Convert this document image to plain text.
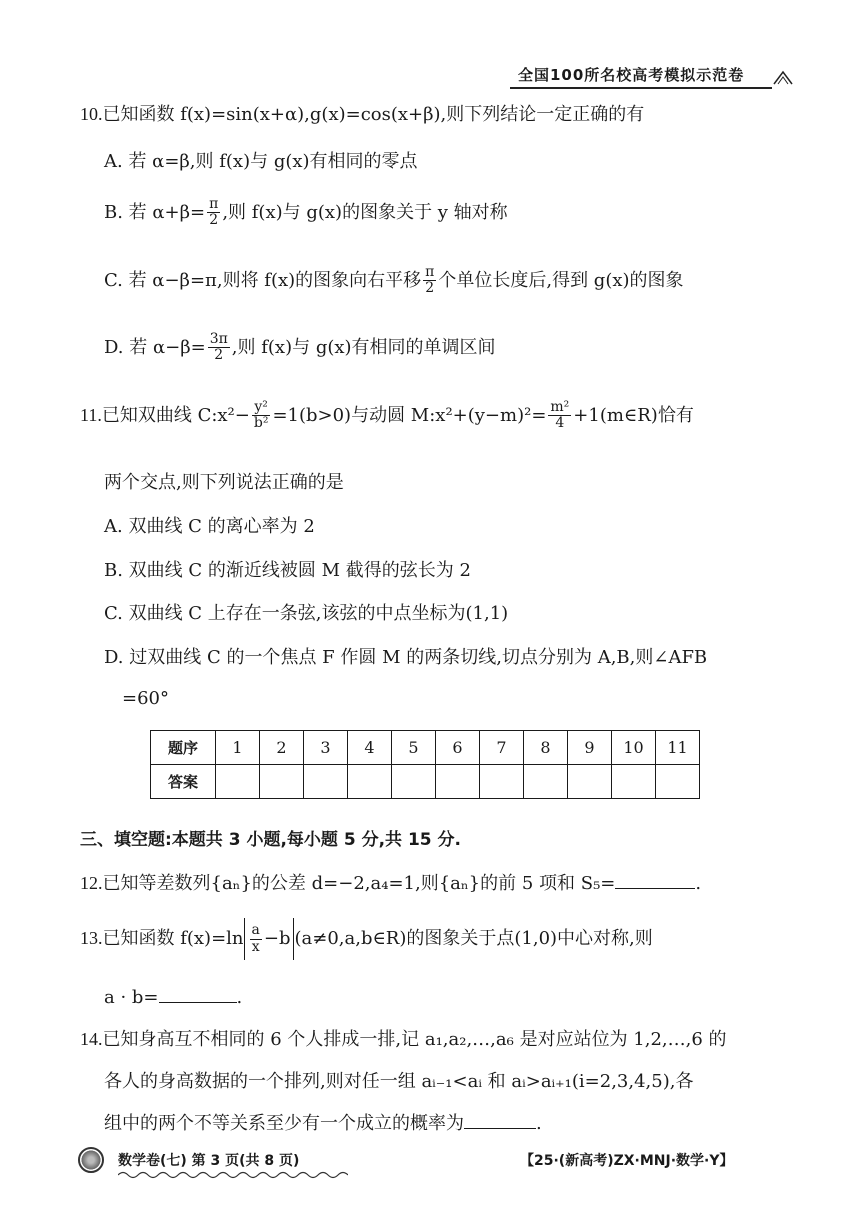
全国100所名校高考模拟示范卷
10.已知函数 f(x)=sin(x+α),g(x)=cos(x+β),则下列结论一定正确的有
A. 若 α=β,则 f(x)与 g(x)有相同的零点
B. 若 $\alpha+\beta= \frac{\pi}{2}$ ,则 f(x)与 g(x)的图象关于 y 轴对称
C. 若 α−β=π,则将 f(x)的图象向右平移 $\frac{\pi}{2}$ 个单位长度后,得到 g(x)的图象
D. 若 $\alpha-\beta= \frac{3\pi}{2}$ ,则 f(x)与 g(x)有相同的单调区间
11.已知双曲线 C:x²− $\frac{\text{y²}}{\text{b²}} =1(b>0)$与动圆 M:x²+(y−m)²= $\frac{\text{m²}}{4}$ +1(m∈R)恰有
两个交点,则下列说法正确的是
A. 双曲线 C 的离心率为 2
B. 双曲线 C 的渐近线被圆 M 截得的弦长为 2
C. 双曲线 C 上存在一条弦,该弦的中点坐标为(1,1)
D. 过双曲线 C 的一个焦点 F 作圆 M 的两条切线,切点分别为 A,B,则∠AFB
=60°
题序	1	2	3	4	5	6	7	8	9	10	11
答案											
三、填空题:本题共 3 小题,每小题 5 分,共 15 分.
12.已知等差数列{aₙ}的公差 d=−2,a₄=1,则{aₙ}的前 5 项和 S₅=	.
13.已知函数 $f(x)=\ln \frac{a}{x} -b$ (a≠0,a,b∈R)的图象关于点(1,0)中心对称,则
a · b=	.
14.已知身高互不相同的 6 个人排成一排,记 a₁,a₂,…,a₆ 是对应站位为 1,2,…,6 的
各人的身高数据的一个排列,则对任一组 aᵢ₋₁<aᵢ 和 aᵢ>aᵢ₊₁(i=2,3,4,5),各
组中的两个不等关系至少有一个成立的概率为	.
数学卷(七) 第 3 页(共 8 页)	【25·(新高考)ZX·MNJ·数学·Y】
